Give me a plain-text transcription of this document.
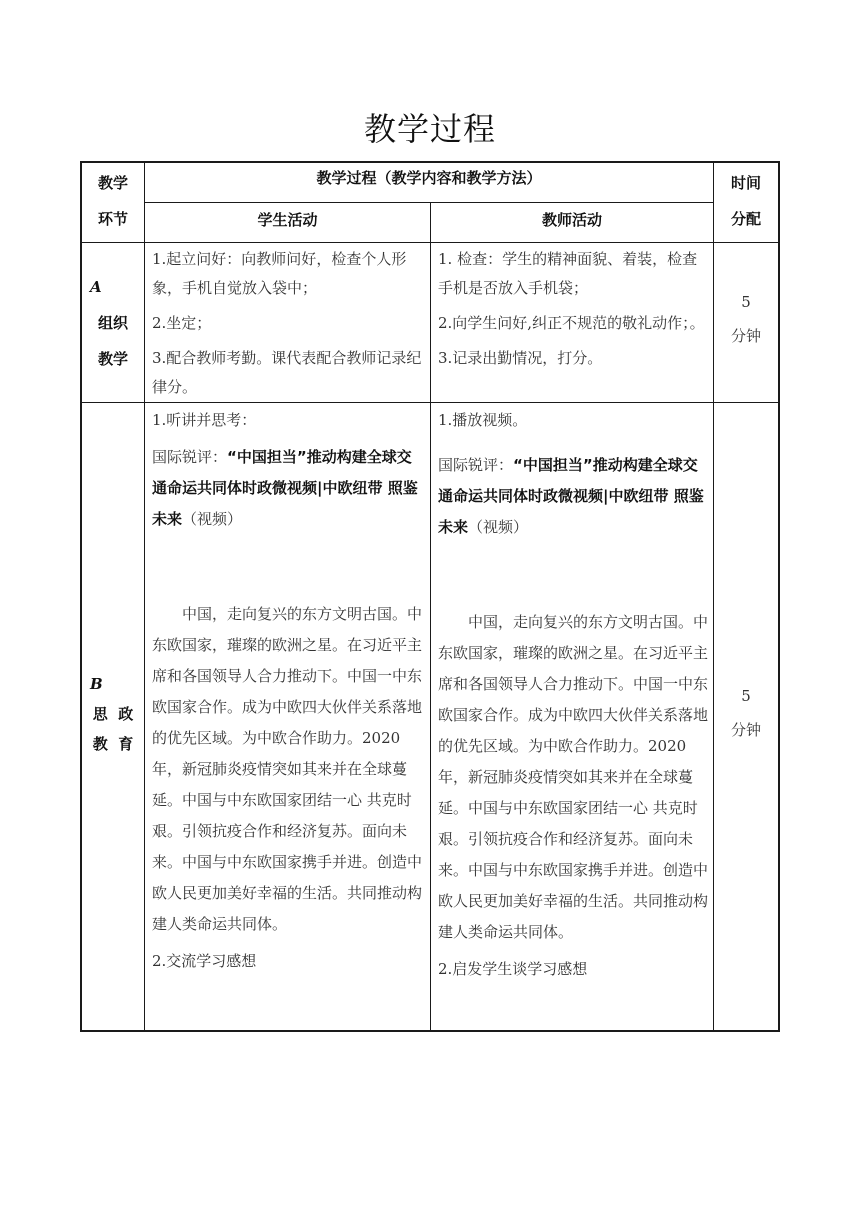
教学过程
教学
环节
教学过程（教学内容和教学方法）
学生活动	教师活动
时间
分配
A
组织
教学

1.起立问好：向教师问好，检查个人形象，手机自觉放入袋中；

2.坐定；

3.配合教师考勤。课代表配合教师记录纪律分。

1. 检查：学生的精神面貌、着装，检查手机是否放入手机袋；

2.向学生问好,纠正不规范的敬礼动作；。

3.记录出勤情况，打分。

5
分钟
B
思  政
教  育

1.听讲并思考：

国际锐评：“中国担当”推动构建全球交通命运共同体时政微视频|中欧纽带 照鉴未来（视频）

中国，走向复兴的东方文明古国。中东欧国家，璀璨的欧洲之星。在习近平主席和各国领导人合力推动下。中国一中东欧国家合作。成为中欧四大伙伴关系落地的优先区域。为中欧合作助力。2020年，新冠肺炎疫情突如其来并在全球蔓延。中国与中东欧国家团结一心 共克时艰。引领抗疫合作和经济复苏。面向未来。中国与中东欧国家携手并进。创造中欧人民更加美好幸福的生活。共同推动构建人类命运共同体。

2.交流学习感想

1.播放视频。

国际锐评：“中国担当”推动构建全球交通命运共同体时政微视频|中欧纽带 照鉴未来（视频）

中国，走向复兴的东方文明古国。中东欧国家，璀璨的欧洲之星。在习近平主席和各国领导人合力推动下。中国一中东欧国家合作。成为中欧四大伙伴关系落地的优先区域。为中欧合作助力。2020年，新冠肺炎疫情突如其来并在全球蔓延。中国与中东欧国家团结一心 共克时艰。引领抗疫合作和经济复苏。面向未来。中国与中东欧国家携手并进。创造中欧人民更加美好幸福的生活。共同推动构建人类命运共同体。

2.启发学生谈学习感想

5
分钟
